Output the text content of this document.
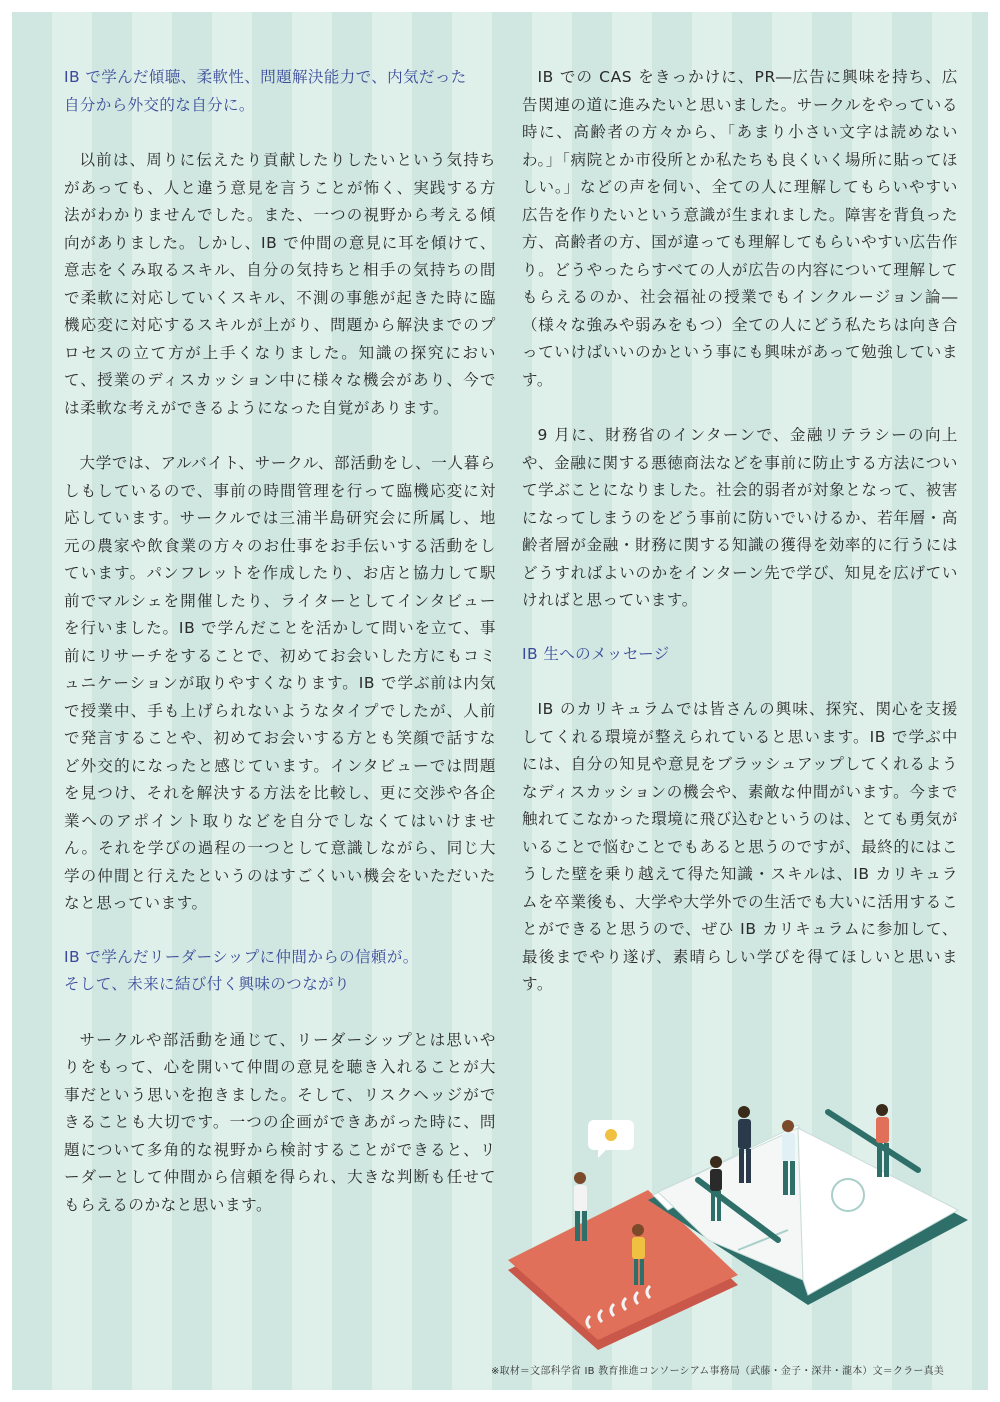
IB で学んだ傾聴、柔軟性、問題解決能力で、内気だった
自分から外交的な自分に。

以前は、周りに伝えたり貢献したりしたいという気持ちがあっても、人と違う意見を言うことが怖く、実践する方法がわかりませんでした。また、一つの視野から考える傾向がありました。しかし、IB で仲間の意見に耳を傾けて、意志をくみ取るスキル、自分の気持ちと相手の気持ちの間で柔軟に対応していくスキル、不測の事態が起きた時に臨機応変に対応するスキルが上がり、問題から解決までのプロセスの立て方が上手くなりました。知識の探究において、授業のディスカッション中に様々な機会があり、今では柔軟な考えができるようになった自覚があります。

大学では、アルバイト、サークル、部活動をし、一人暮らしもしているので、事前の時間管理を行って臨機応変に対応しています。サークルでは三浦半島研究会に所属し、地元の農家や飲食業の方々のお仕事をお手伝いする活動をしています。パンフレットを作成したり、お店と協力して駅前でマルシェを開催したり、ライターとしてインタビューを行いました。IB で学んだことを活かして問いを立て、事前にリサーチをすることで、初めてお会いした方にもコミュニケーションが取りやすくなります。IB で学ぶ前は内気で授業中、手も上げられないようなタイプでしたが、人前で発言することや、初めてお会いする方とも笑顔で話すなど外交的になったと感じています。インタビューでは問題を見つけ、それを解決する方法を比較し、更に交渉や各企業へのアポイント取りなどを自分でしなくてはいけません。それを学びの過程の一つとして意識しながら、同じ大学の仲間と行えたというのはすごくいい機会をいただいたなと思っています。

IB で学んだリーダーシップに仲間からの信頼が。
そして、未来に結び付く興味のつながり

サークルや部活動を通じて、リーダーシップとは思いやりをもって、心を開いて仲間の意見を聴き入れることが大事だという思いを抱きました。そして、リスクヘッジができることも大切です。一つの企画ができあがった時に、問題について多角的な視野から検討することができると、リーダーとして仲間から信頼を得られ、大きな判断も任せてもらえるのかなと思います。

IB での CAS をきっかけに、PR―広告に興味を持ち、広告関連の道に進みたいと思いました。サークルをやっている時に、高齢者の方々から、「あまり小さい文字は読めないわ。」「病院とか市役所とか私たちも良くいく場所に貼ってほしい。」などの声を伺い、全ての人に理解してもらいやすい広告を作りたいという意識が生まれました。障害を背負った方、高齢者の方、国が違っても理解してもらいやすい広告作り。どうやったらすべての人が広告の内容について理解してもらえるのか、社会福祉の授業でもインクルージョン論―（様々な強みや弱みをもつ）全ての人にどう私たちは向き合っていけばいいのかという事にも興味があって勉強しています。

9 月に、財務省のインターンで、金融リテラシーの向上や、金融に関する悪徳商法などを事前に防止する方法について学ぶことになりました。社会的弱者が対象となって、被害になってしまうのをどう事前に防いでいけるか、若年層・高齢者層が金融・財務に関する知識の獲得を効率的に行うにはどうすればよいのかをインターン先で学び、知見を広げていければと思っています。

IB 生へのメッセージ

IB のカリキュラムでは皆さんの興味、探究、関心を支援してくれる環境が整えられていると思います。IB で学ぶ中には、自分の知見や意見をブラッシュアップしてくれるようなディスカッションの機会や、素敵な仲間がいます。今まで触れてこなかった環境に飛び込むというのは、とても勇気がいることで悩むことでもあると思うのですが、最終的にはこうした壁を乗り越えて得た知識・スキルは、IB カリキュラムを卒業後も、大学や大学外での生活でも大いに活用することができると思うので、ぜひ IB カリキュラムに参加して、最後までやり遂げ、素晴らしい学びを得てほしいと思います。

※取材＝文部科学省 IB 教育推進コンソーシアム事務局（武藤・金子・深井・瀧本）文＝クラー真美
